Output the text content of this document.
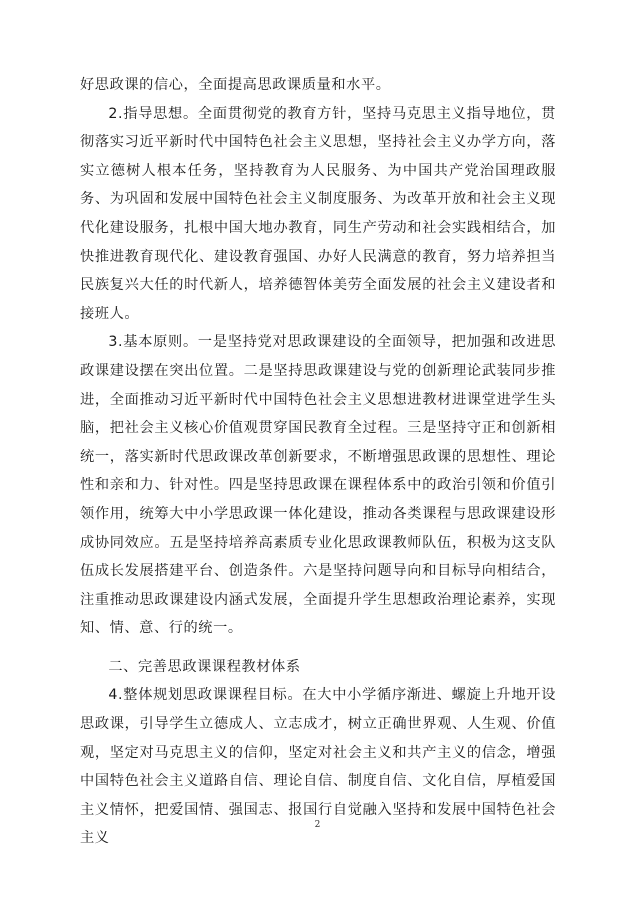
好思政课的信心，全面提高思政课质量和水平。

2.指导思想。全面贯彻党的教育方针，坚持马克思主义指导地位，贯彻落实习近平新时代中国特色社会主义思想，坚持社会主义办学方向，落实立德树人根本任务，坚持教育为人民服务、为中国共产党治国理政服务、为巩固和发展中国特色社会主义制度服务、为改革开放和社会主义现代化建设服务，扎根中国大地办教育，同生产劳动和社会实践相结合，加快推进教育现代化、建设教育强国、办好人民满意的教育，努力培养担当民族复兴大任的时代新人，培养德智体美劳全面发展的社会主义建设者和接班人。

3.基本原则。一是坚持党对思政课建设的全面领导，把加强和改进思政课建设摆在突出位置。二是坚持思政课建设与党的创新理论武装同步推进，全面推动习近平新时代中国特色社会主义思想进教材进课堂进学生头脑，把社会主义核心价值观贯穿国民教育全过程。三是坚持守正和创新相统一，落实新时代思政课改革创新要求，不断增强思政课的思想性、理论性和亲和力、针对性。四是坚持思政课在课程体系中的政治引领和价值引领作用，统筹大中小学思政课一体化建设，推动各类课程与思政课建设形成协同效应。五是坚持培养高素质专业化思政课教师队伍，积极为这支队伍成长发展搭建平台、创造条件。六是坚持问题导向和目标导向相结合，注重推动思政课建设内涵式发展，全面提升学生思想政治理论素养，实现知、情、意、行的统一。

二、完善思政课课程教材体系

4.整体规划思政课课程目标。在大中小学循序渐进、螺旋上升地开设思政课，引导学生立德成人、立志成才，树立正确世界观、人生观、价值观，坚定对马克思主义的信仰，坚定对社会主义和共产主义的信念，增强中国特色社会主义道路自信、理论自信、制度自信、文化自信，厚植爱国主义情怀，把爱国情、强国志、报国行自觉融入坚持和发展中国特色社会主义

2
